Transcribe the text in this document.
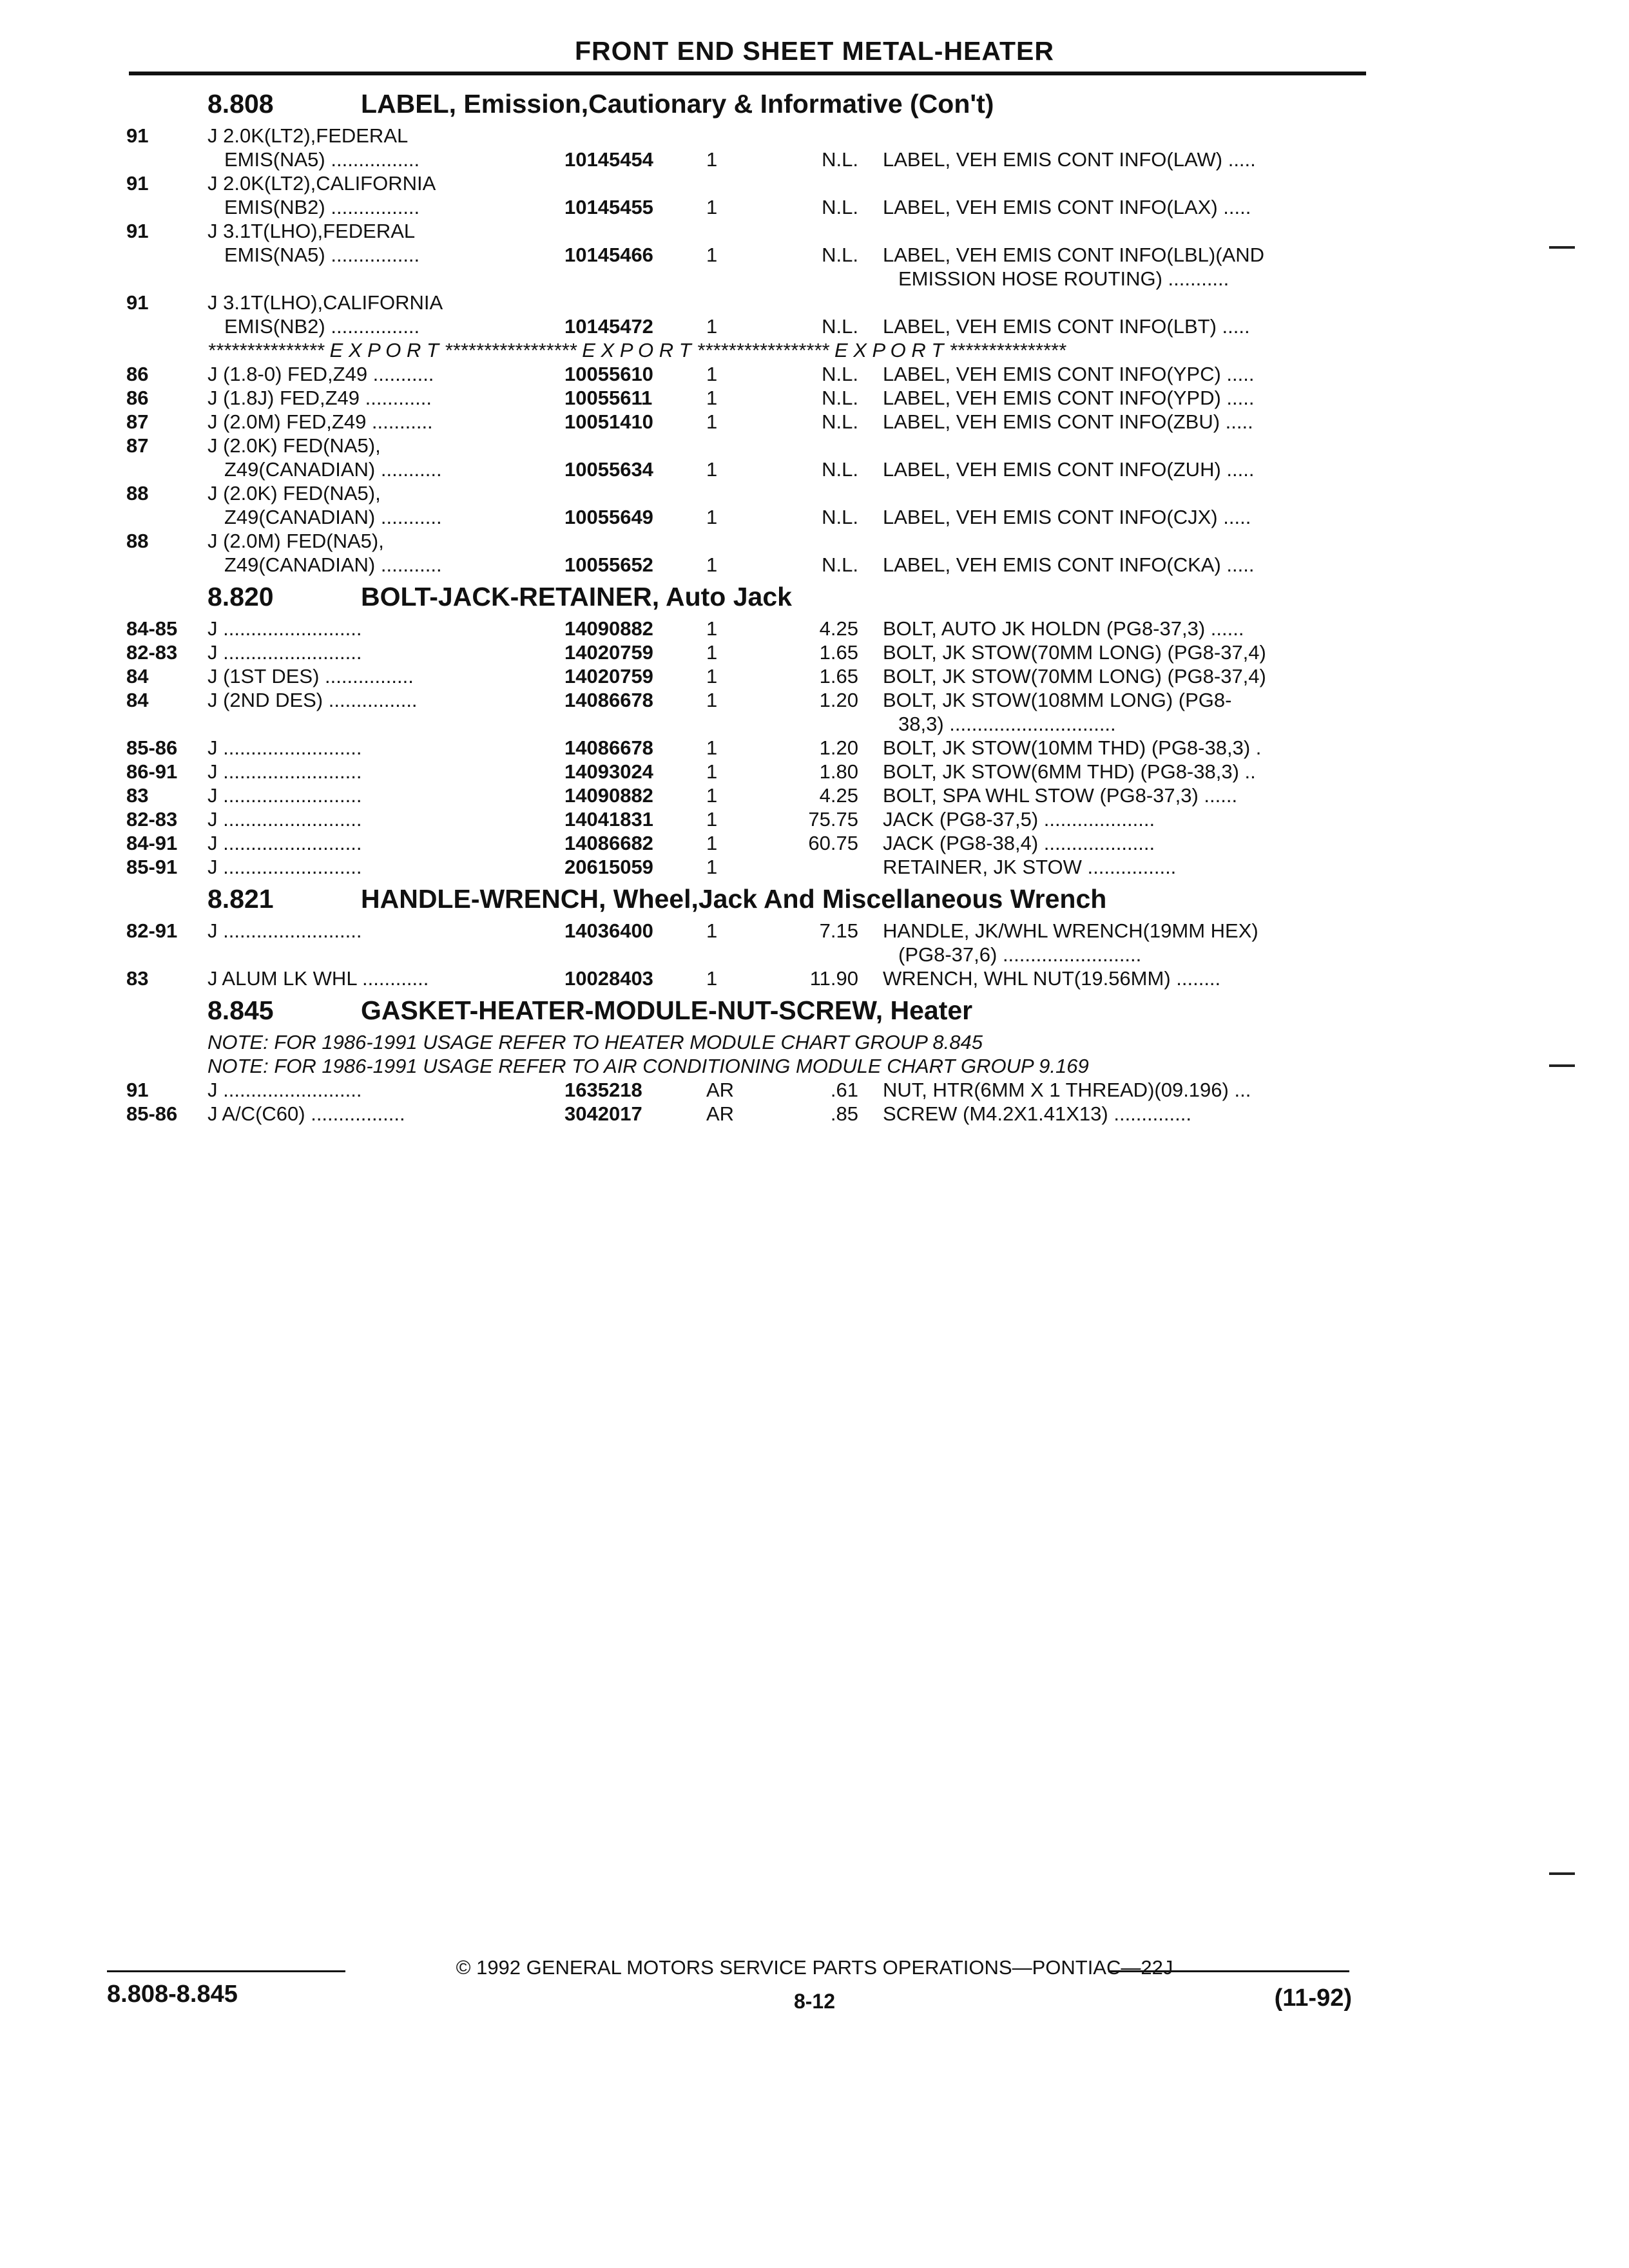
FRONT END SHEET METAL-HEATER
8.808	LABEL, Emission,Cautionary & Informative (Con't)
91	J 2.0K(LT2),FEDERAL
EMIS(NA5) ................	10145454	1	N.L. LABEL, VEH EMIS CONT INFO(LAW) .....
91	J 2.0K(LT2),CALIFORNIA
EMIS(NB2) ................	10145455	1	N.L. LABEL, VEH EMIS CONT INFO(LAX) .....
91	J 3.1T(LHO),FEDERAL
EMIS(NA5) ................	10145466	1	N.L. LABEL, VEH EMIS CONT INFO(LBL)(AND
EMISSION HOSE ROUTING) ...........
91	J 3.1T(LHO),CALIFORNIA
EMIS(NB2) ................	10145472	1	N.L. LABEL, VEH EMIS CONT INFO(LBT) .....
*************** E X P O R T ***************** E X P O R T ***************** E X P O R T ***************
86	J (1.8-0) FED,Z49 ...........	10055610	1	N.L. LABEL, VEH EMIS CONT INFO(YPC) .....
86	J (1.8J) FED,Z49 ............	10055611	1	N.L. LABEL, VEH EMIS CONT INFO(YPD) .....
87	J (2.0M) FED,Z49 ...........	10051410	1	N.L. LABEL, VEH EMIS CONT INFO(ZBU) .....
87	J (2.0K) FED(NA5),
Z49(CANADIAN) ...........	10055634	1	N.L. LABEL, VEH EMIS CONT INFO(ZUH) .....
88	J (2.0K) FED(NA5),
Z49(CANADIAN) ...........	10055649	1	N.L. LABEL, VEH EMIS CONT INFO(CJX) .....
88	J (2.0M) FED(NA5),
Z49(CANADIAN) ...........	10055652	1	N.L. LABEL, VEH EMIS CONT INFO(CKA) .....
8.820	BOLT-JACK-RETAINER, Auto Jack
84-85 J .........................	14090882	1	4.25 BOLT, AUTO JK HOLDN (PG8-37,3) ......
82-83 J .........................	14020759	1	1.65 BOLT, JK STOW(70MM LONG) (PG8-37,4)
84	J (1ST DES) ................	14020759	1	1.65 BOLT, JK STOW(70MM LONG) (PG8-37,4)
84	J (2ND DES) ................	14086678	1	1.20 BOLT, JK STOW(108MM LONG) (PG8-
38,3) ..............................
85-86 J .........................	14086678	1	1.20 BOLT, JK STOW(10MM THD) (PG8-38,3) .
86-91 J .........................	14093024	1	1.80 BOLT, JK STOW(6MM THD) (PG8-38,3) ..
83	J .........................	14090882	1	4.25 BOLT, SPA WHL STOW (PG8-37,3) ......
82-83 J .........................	14041831	1	75.75 JACK (PG8-37,5) ....................
84-91 J .........................	14086682	1	60.75 JACK (PG8-38,4) ....................
85-91 J .........................	20615059	1	RETAINER, JK STOW ................
8.821	HANDLE-WRENCH, Wheel,Jack And Miscellaneous Wrench
82-91 J .........................	14036400	1	7.15 HANDLE, JK/WHL WRENCH(19MM HEX)
(PG8-37,6) .........................
83	J ALUM LK WHL ............	10028403	1	11.90 WRENCH, WHL NUT(19.56MM) ........
8.845	GASKET-HEATER-MODULE-NUT-SCREW, Heater
NOTE: FOR 1986-1991 USAGE REFER TO HEATER MODULE CHART GROUP 8.845
NOTE: FOR 1986-1991 USAGE REFER TO AIR CONDITIONING MODULE CHART GROUP 9.169
91	J .........................	1635218	AR	.61 NUT, HTR(6MM X 1 THREAD)(09.196) ...
85-86 J A/C(C60) .................	3042017	AR	.85 SCREW (M4.2X1.41X13) ..............
© 1992 GENERAL MOTORS SERVICE PARTS OPERATIONS—PONTIAC—22J
8.808-8.845	8-12	(11-92)
